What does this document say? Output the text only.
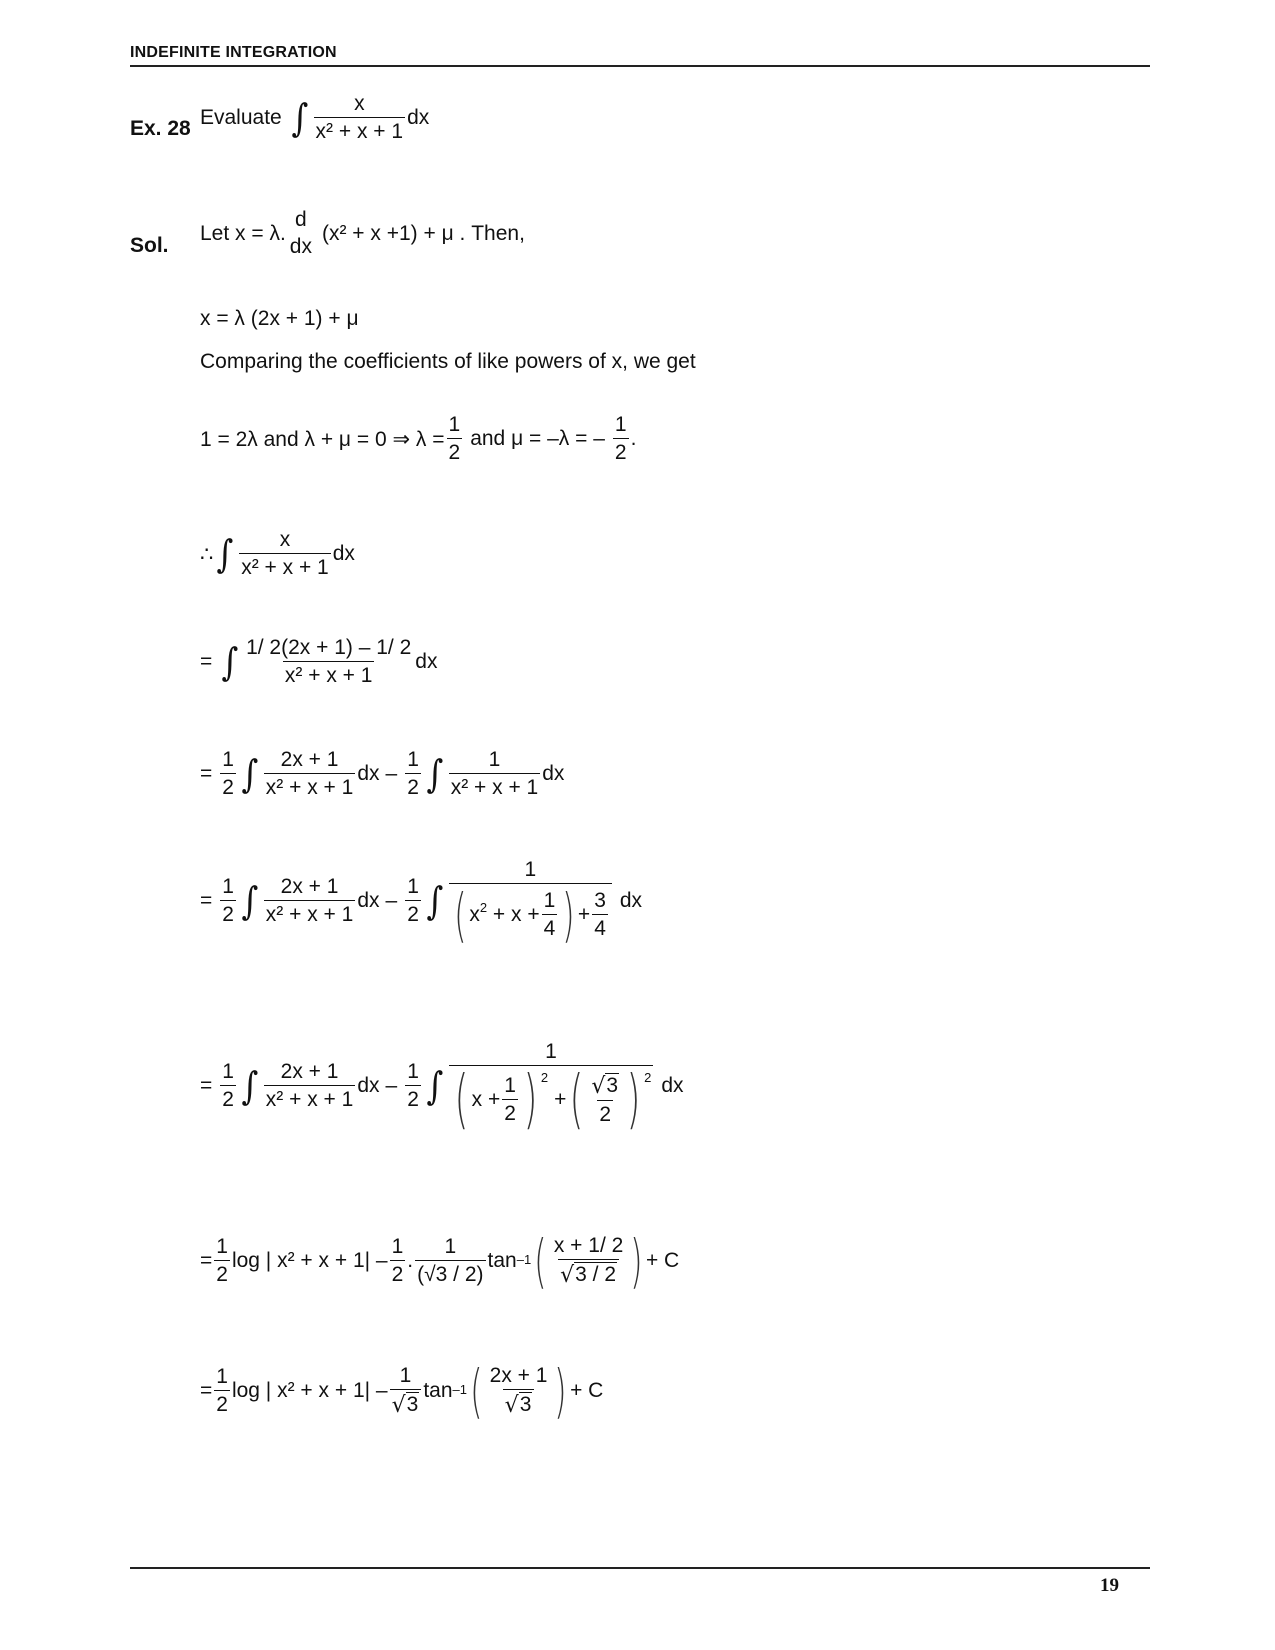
INDEFINITE INTEGRATION
Ex. 28 Evaluate ∫ $\frac{x}{\text{x² + x + 1}}$ dx
Sol.
Let x = λ.
d
dx
(x² + x +1) + μ . Then,
x = λ (2x + 1) + μ
Comparing the coefficients of like powers of x, we get
1 = 2λ and λ + μ = 0 ⇒ $\lambda = \frac{1}{2}$ and μ = –λ = – $\frac{1}{2}$ .
∴ ∫ $\frac{x}{\text{x² + x + 1}}$ dx
= ∫ $\frac{1/ 2(2x + 1) - 1/ 2}{\text{x² + x + 1}}$ dx
= $\frac{1}{2}$ ∫ $\frac{2x + 1}{\text{x² + x + 1}}$ dx – $\frac{1}{2}$ ∫ $\frac{1}{\text{x² + x + 1}}$ dx
= $\frac{1}{2}$ ∫ $\frac{2x + 1}{\text{x² + x + 1}}$ dx – $\frac{1}{2}$ ∫ $\frac{1}{( x^2 + x + \frac{1}{4} ) + \frac{3}{4}}$ dx
= $\frac{1}{2}$ ∫ $\frac{2x + 1}{\text{x² + x + 1}}$ dx – $\frac{1}{2}$ ∫
1
( $x + \frac{1}{2}$ ) $^2$
+ ( $\frac{√ 3}{2}$ ) $^2$ dx
= $\frac{1}{2}$ log | $x^2 + x + 1| - \frac{1}{2}$ . $\frac{1}{(√3 / 2)} \tan^{-1}$ ( $\frac{x + 1/ 2}{√ 3 / 2}$ ) + C
= $\frac{1}{2}$ log | $x^2 + x + 1| - \frac{1}{√ 3} \tan^{-1}$ ( $\frac{2x + 1}{√ 3}$ ) + C
19
